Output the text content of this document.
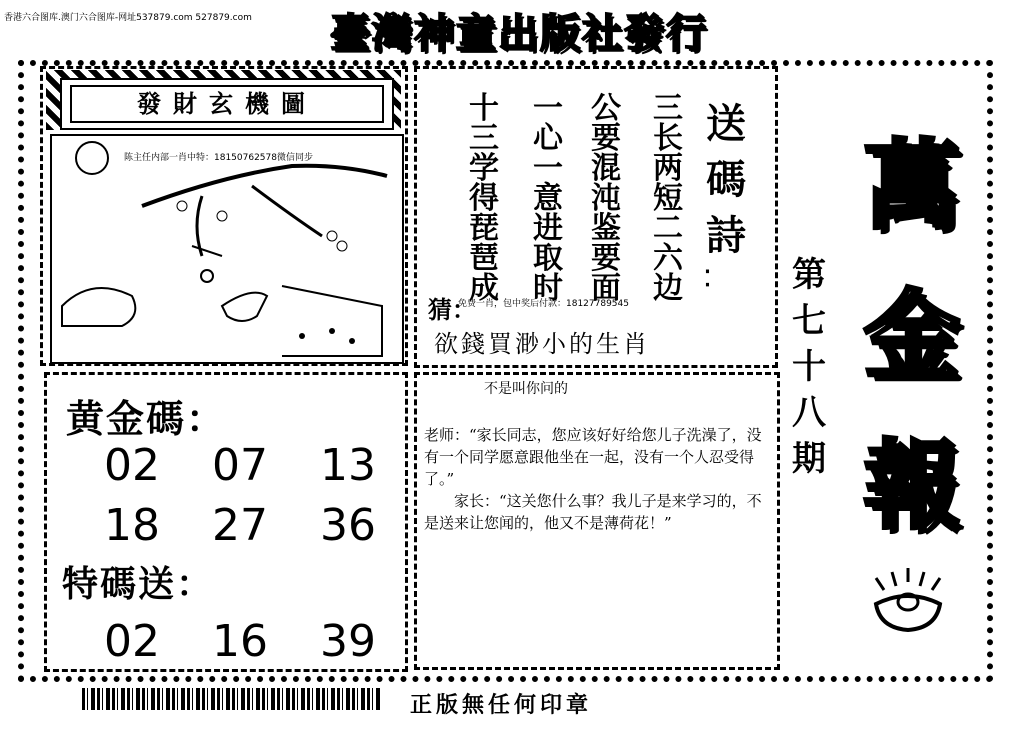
香港六合图库.澳门六合图库-网址537879.com 527879.com 臺灣神童出版社發行
發財玄機圖
陈主任内部一肖中特：18150762578微信同步
送碼詩
⁚
三长两短二六边
公要混沌鉴要面
一心一意进取时
十三学得琵琶成
猜：
免费一肖，包中奖后付款：18127789545
欲錢買渺小的生肖
黄金碼：
02 07 13
18 27 36
特碼送：
02 16 39
不是叫你问的

老师：“家长同志，您应该好好给您儿子洗澡了，没有一个同学愿意跟他坐在一起，没有一个人忍受得了。”

家长：“这关您什么事？我儿子是来学习的，不是送来让您闻的，他又不是薄荷花！”

第七十八期
萬
金
報
正版無任何印章
